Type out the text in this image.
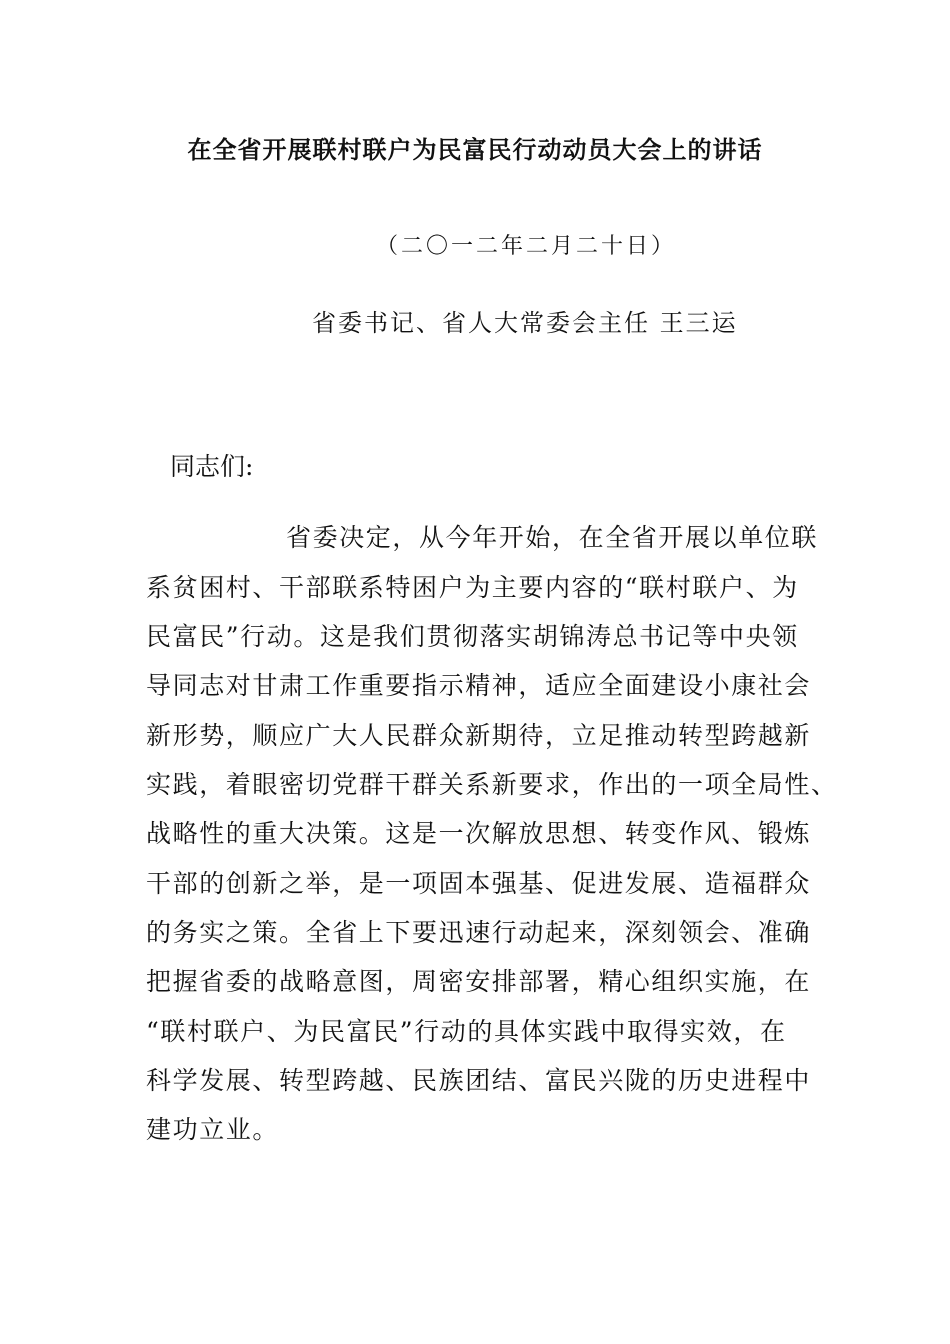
在全省开展联村联户为民富民行动动员大会上的讲话
（二〇一二年二月二十日）
省委书记、省人大常委会主任 王三运
同志们:
省委决定，从今年开始，在全省开展以单位联
系贫困村、干部联系特困户为主要内容的“联村联户、为
民富民”行动。这是我们贯彻落实胡锦涛总书记等中央领
导同志对甘肃工作重要指示精神，适应全面建设小康社会
新形势，顺应广大人民群众新期待，立足推动转型跨越新
实践，着眼密切党群干群关系新要求，作出的一项全局性、
战略性的重大决策。这是一次解放思想、转变作风、锻炼
干部的创新之举，是一项固本强基、促进发展、造福群众
的务实之策。全省上下要迅速行动起来，深刻领会、准确
把握省委的战略意图，周密安排部署，精心组织实施，在
“联村联户、为民富民”行动的具体实践中取得实效，在
科学发展、转型跨越、民族团结、富民兴陇的历史进程中
建功立业。
